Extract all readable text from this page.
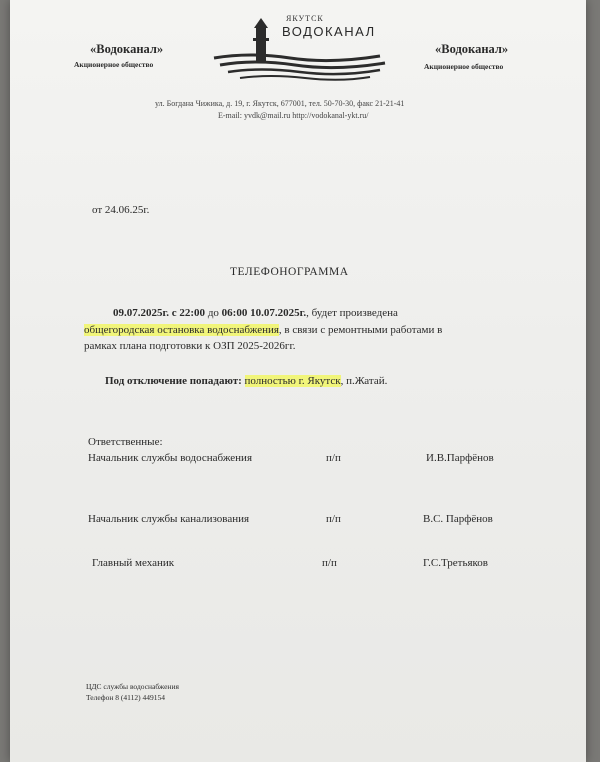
«Водоканал»
Акционерное общество
ЯКУТСК
ВОДОКАНАЛ
«Водоканал»
Акционерное общество
ул. Богдана Чижика, д. 19, г. Якутск, 677001, тел. 50-70-30, факс 21-21-41
E-mail: yvdk@mail.ru http://vodokanal-ykt.ru/
от 24.06.25г.
ТЕЛЕФОНОГРАММА
09.07.2025г. с 22:00 до 06:00 10.07.2025г., будет произведена
общегородская остановка водоснабжения, в связи с ремонтными работами в
рамках плана подготовки к ОЗП 2025-2026гг.
Под отключение попадают: полностью г. Якутск, п.Жатай.
Ответственные:
Начальник службы водоснабжения	п/п	И.В.Парфёнов
Начальник службы канализования	п/п	В.С. Парфёнов
Главный механик	п/п	Г.С.Третьяков
ЦДС службы водоснабжения
Телефон 8 (4112) 449154
